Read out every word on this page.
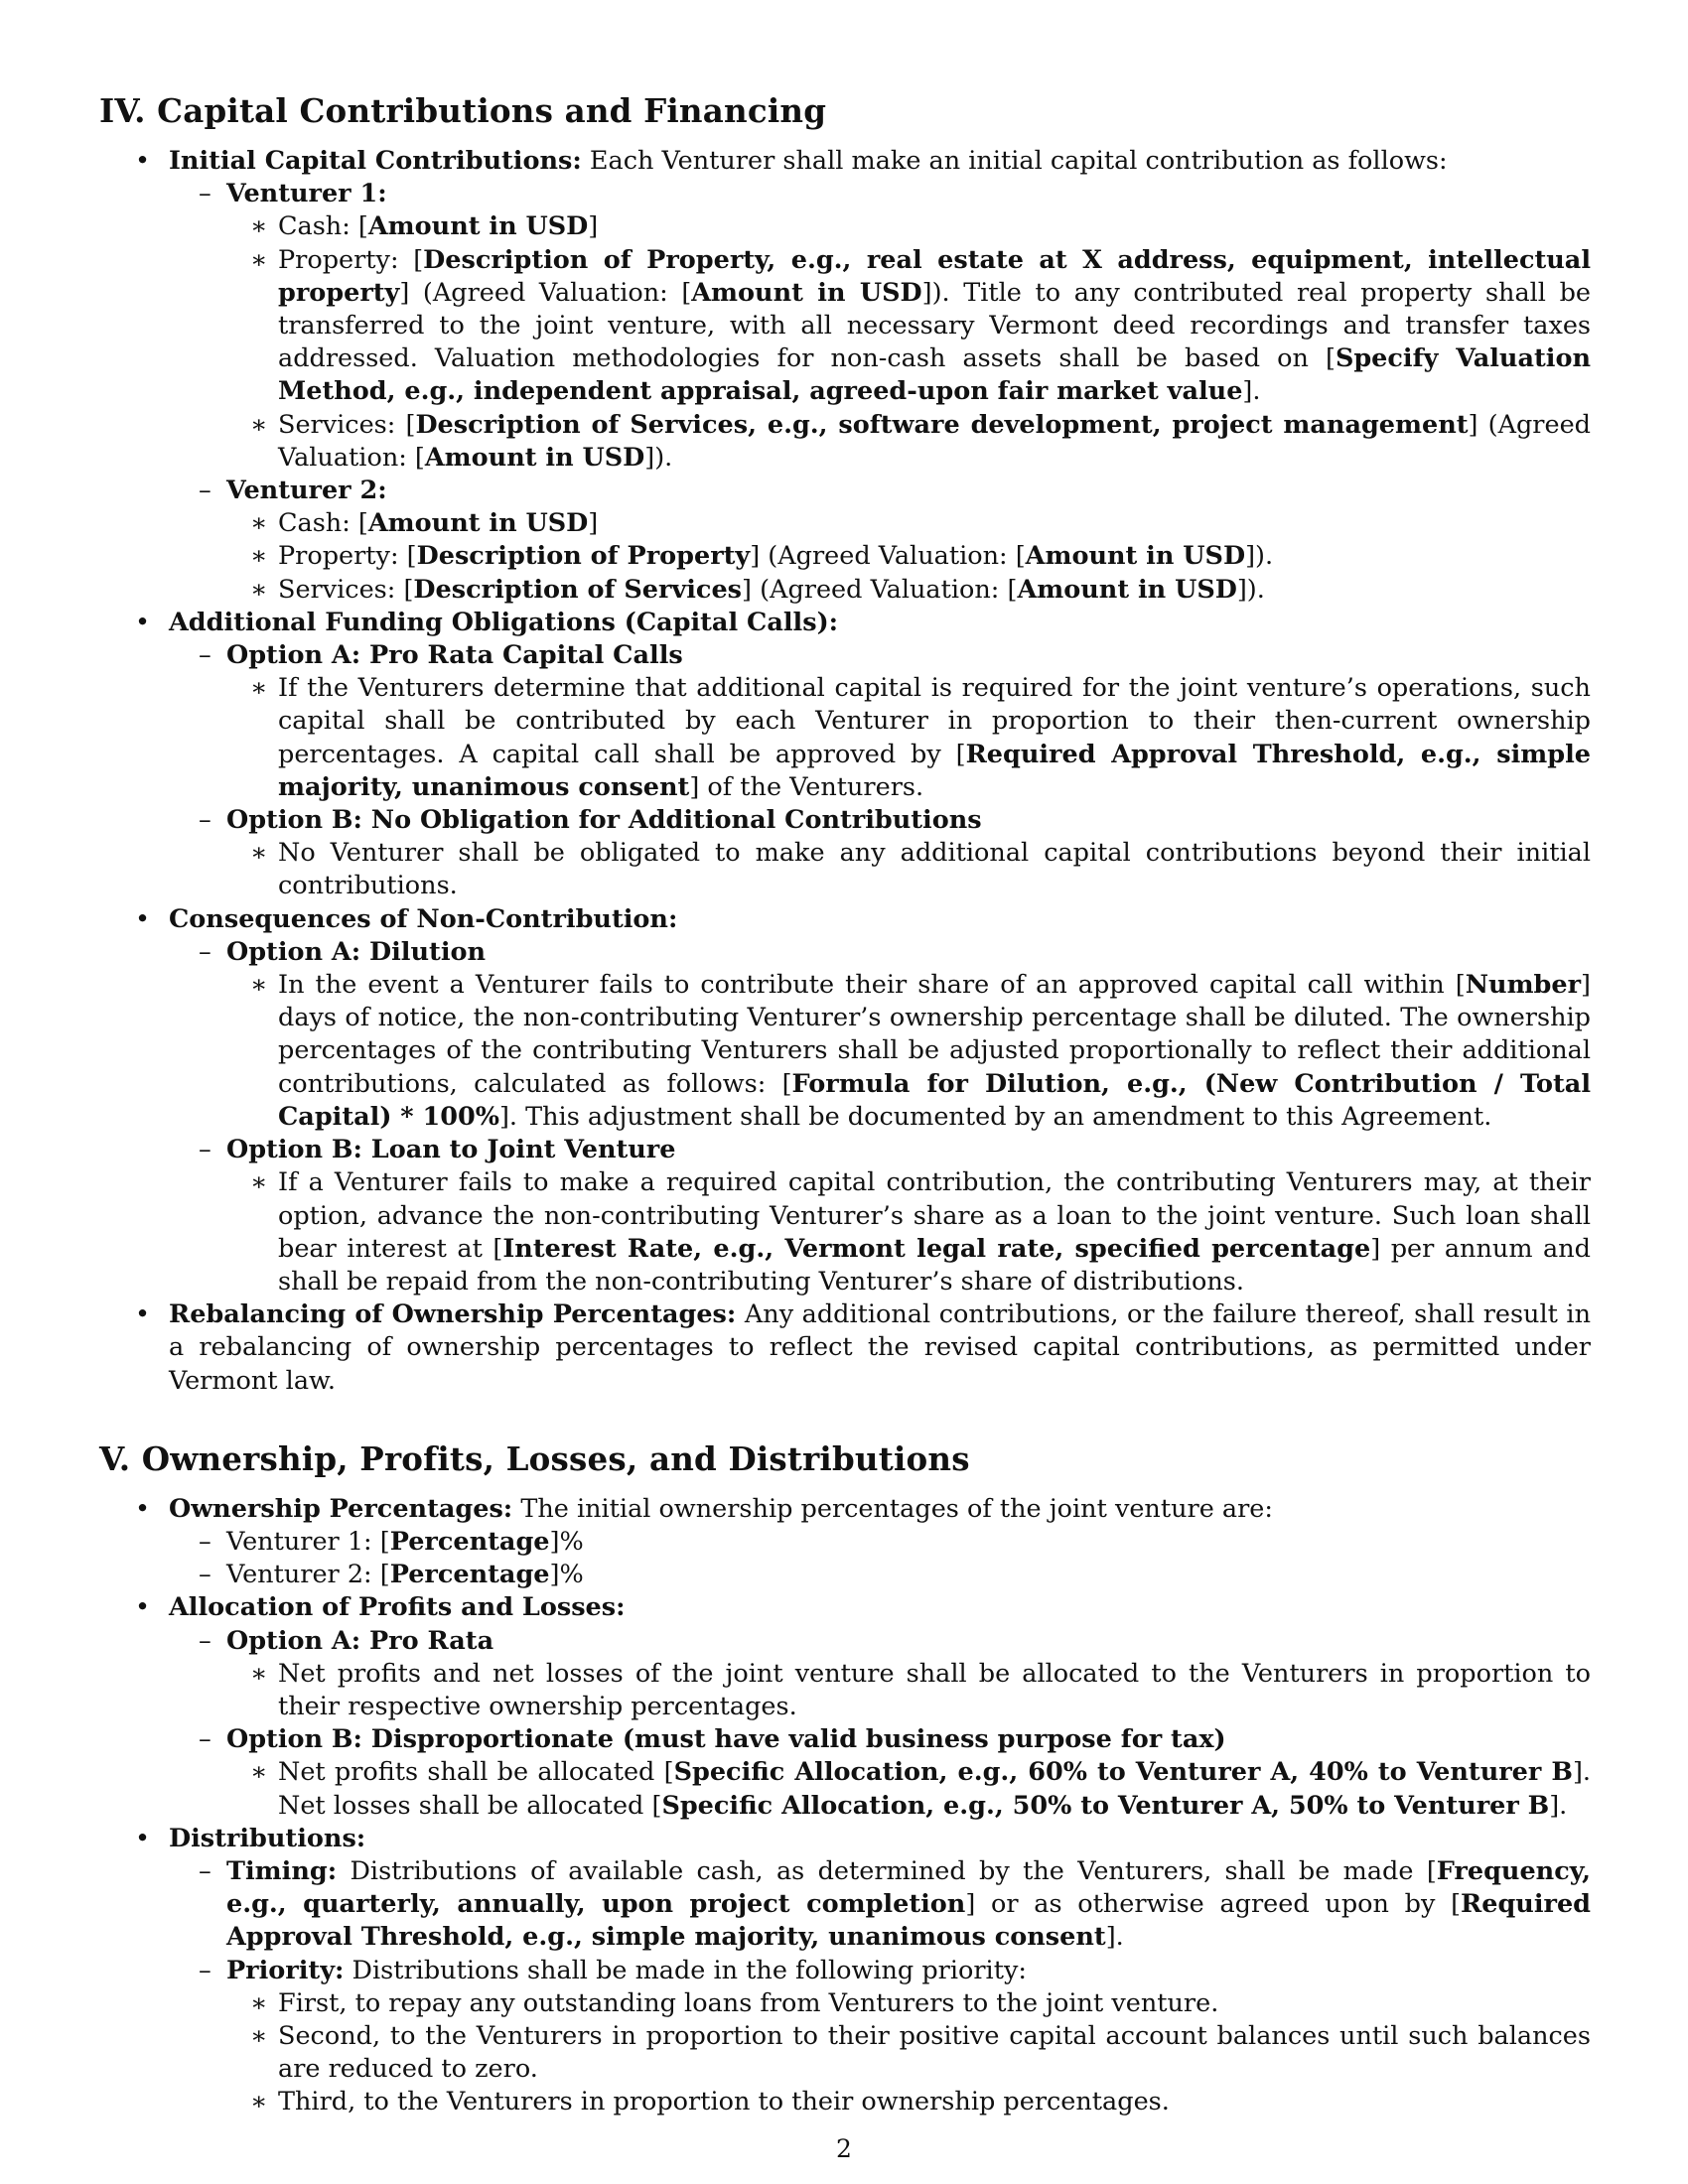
IV. Capital Contributions and Financing
• Initial Capital Contributions: Each Venturer shall make an initial capital contribution as follows:
– Venturer 1:
∗ Cash: [Amount in USD]
∗ Property: [Description of Property, e.g., real estate at X address, equipment, intellectual property] (Agreed Valuation: [Amount in USD]). Title to any contributed real property shall be transferred to the joint venture, with all necessary Vermont deed recordings and transfer taxes addressed. Valuation methodologies for non-cash assets shall be based on [Specify Valuation Method, e.g., independent appraisal, agreed-upon fair market value].
∗ Services: [Description of Services, e.g., software development, project management] (Agreed Valuation: [Amount in USD]).
– Venturer 2:
∗ Cash: [Amount in USD]
∗ Property: [Description of Property] (Agreed Valuation: [Amount in USD]).
∗ Services: [Description of Services] (Agreed Valuation: [Amount in USD]).
• Additional Funding Obligations (Capital Calls):
– Option A: Pro Rata Capital Calls
∗ If the Venturers determine that additional capital is required for the joint venture’s operations, such capital shall be contributed by each Venturer in proportion to their then-current ownership percentages. A capital call shall be approved by [Required Approval Threshold, e.g., simple majority, unanimous consent] of the Venturers.
– Option B: No Obligation for Additional Contributions
∗ No Venturer shall be obligated to make any additional capital contributions beyond their initial contributions.
• Consequences of Non-Contribution:
– Option A: Dilution
∗ In the event a Venturer fails to contribute their share of an approved capital call within [Number] days of notice, the non-contributing Venturer’s ownership percentage shall be diluted. The ownership percentages of the contributing Venturers shall be adjusted proportionally to reflect their additional contributions, calculated as follows: [Formula for Dilution, e.g., (New Contribution / Total Capital) * 100%]. This adjustment shall be documented by an amendment to this Agreement.
– Option B: Loan to Joint Venture
∗ If a Venturer fails to make a required capital contribution, the contributing Venturers may, at their option, advance the non-contributing Venturer’s share as a loan to the joint venture. Such loan shall bear interest at [Interest Rate, e.g., Vermont legal rate, specified percentage] per annum and shall be repaid from the non-contributing Venturer’s share of distributions.
• Rebalancing of Ownership Percentages: Any additional contributions, or the failure thereof, shall result in a rebalancing of ownership percentages to reflect the revised capital contributions, as permitted under Vermont law.
V. Ownership, Profits, Losses, and Distributions
• Ownership Percentages: The initial ownership percentages of the joint venture are:
– Venturer 1: [Percentage]%
– Venturer 2: [Percentage]%
• Allocation of Profits and Losses:
– Option A: Pro Rata
∗ Net profits and net losses of the joint venture shall be allocated to the Venturers in proportion to their respective ownership percentages.
– Option B: Disproportionate (must have valid business purpose for tax)
∗ Net profits shall be allocated [Specific Allocation, e.g., 60% to Venturer A, 40% to Venturer B]. Net losses shall be allocated [Specific Allocation, e.g., 50% to Venturer A, 50% to Venturer B].
• Distributions:
– Timing: Distributions of available cash, as determined by the Venturers, shall be made [Frequency, e.g., quarterly, annually, upon project completion] or as otherwise agreed upon by [Required Approval Threshold, e.g., simple majority, unanimous consent].
– Priority: Distributions shall be made in the following priority:
∗ First, to repay any outstanding loans from Venturers to the joint venture.
∗ Second, to the Venturers in proportion to their positive capital account balances until such balances are reduced to zero.
∗ Third, to the Venturers in proportion to their ownership percentages.
2
